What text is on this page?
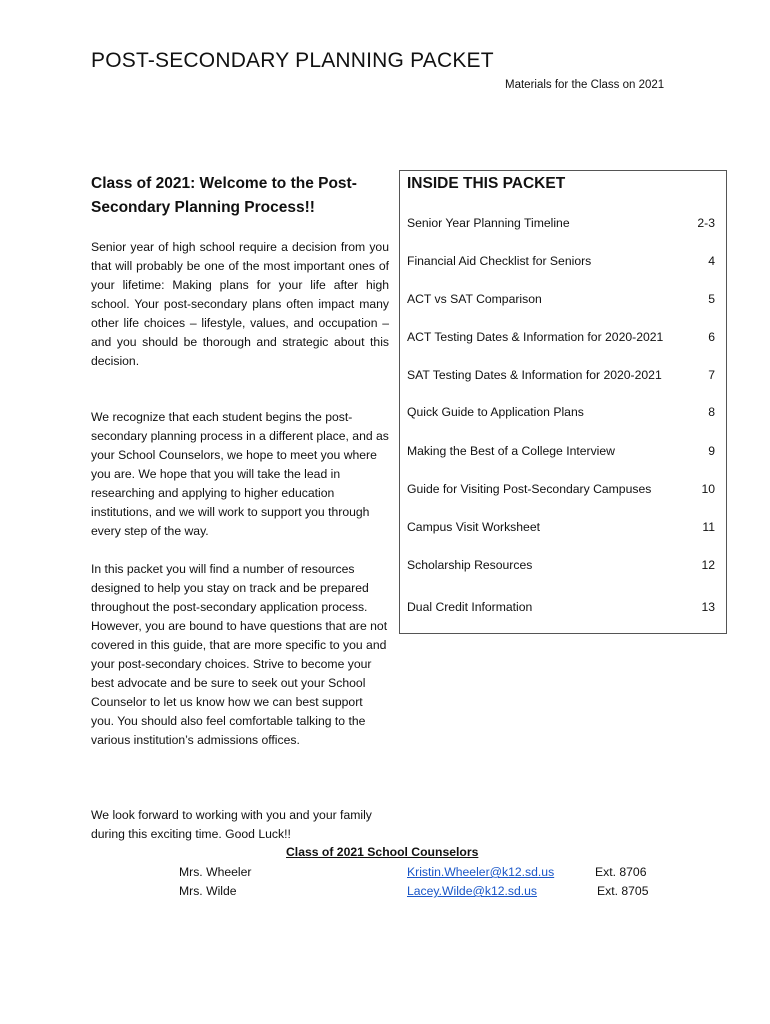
POST-SECONDARY PLANNING PACKET
Materials for the Class on 2021
Class of 2021: Welcome to the Post-Secondary Planning Process!!

Senior year of high school require a decision from you that will probably be one of the most important ones of your lifetime: Making plans for your life after high school. Your post-secondary plans often impact many other life choices – lifestyle, values, and occupation – and you should be thorough and strategic about this decision.

We recognize that each student begins the post-secondary planning process in a different place, and as your School Counselors, we hope to meet you where you are. We hope that you will take the lead in researching and applying to higher education institutions, and we will work to support you through every step of the way.

In this packet you will find a number of resources designed to help you stay on track and be prepared throughout the post-secondary application process. However, you are bound to have questions that are not covered in this guide, that are more specific to you and your post-secondary choices. Strive to become your best advocate and be sure to seek out your School Counselor to let us know how we can best support you. You should also feel comfortable talking to the various institution’s admissions offices.

We look forward to working with you and your family during this exciting time. Good Luck!!

INSIDE THIS PACKET
Senior Year Planning Timeline	2-3
Financial Aid Checklist for Seniors	4
ACT vs SAT Comparison	5
ACT Testing Dates & Information for 2020-2021	6
SAT Testing Dates & Information for 2020-2021	7
Quick Guide to Application Plans	8
Making the Best of a College Interview	9
Guide for Visiting Post-Secondary Campuses	10
Campus Visit Worksheet	11
Scholarship Resources	12
Dual Credit Information	13
Class of 2021 School Counselors
Mrs. Wheeler	Kristin.Wheeler@k12.sd.us	Ext. 8706
Mrs. Wilde	Lacey.Wilde@k12.sd.us	Ext. 8705
